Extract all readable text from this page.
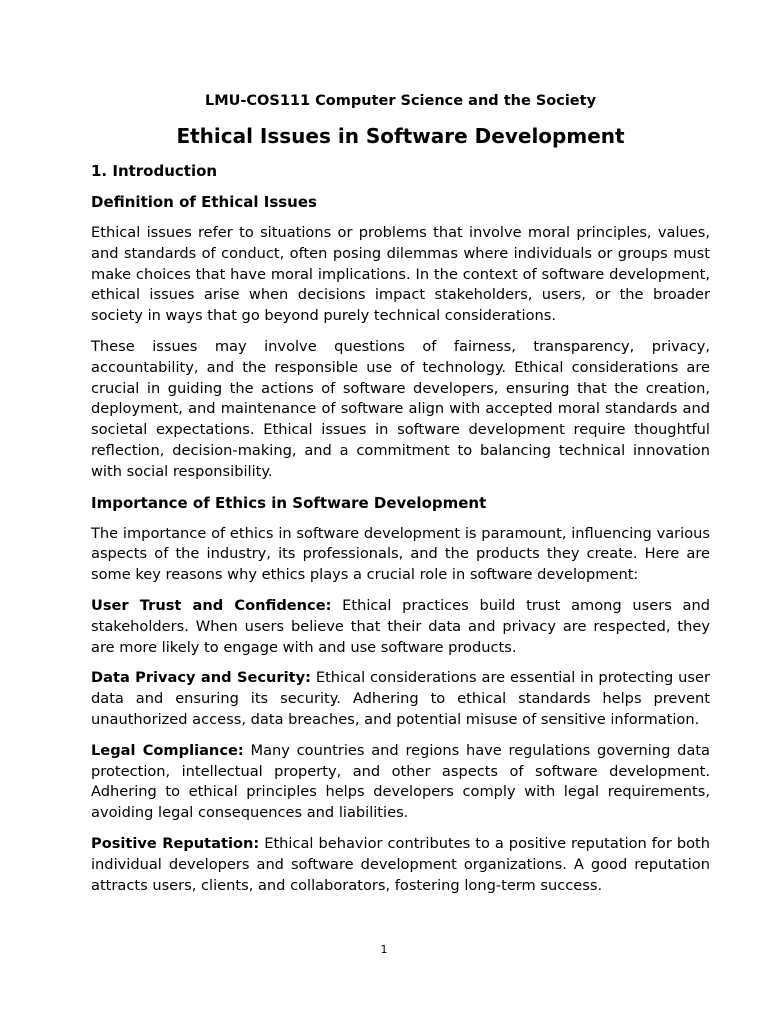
LMU-COS111 Computer Science and the Society
Ethical Issues in Software Development
1. Introduction
Definition of Ethical Issues

Ethical issues refer to situations or problems that involve moral principles, values, and standards of conduct, often posing dilemmas where individuals or groups must make choices that have moral implications. In the context of software development, ethical issues arise when decisions impact stakeholders, users, or the broader society in ways that go beyond purely technical considerations.

These issues may involve questions of fairness, transparency, privacy, accountability, and the responsible use of technology. Ethical considerations are crucial in guiding the actions of software developers, ensuring that the creation, deployment, and maintenance of software align with accepted moral standards and societal expectations. Ethical issues in software development require thoughtful reflection, decision-making, and a commitment to balancing technical innovation with social responsibility.

Importance of Ethics in Software Development

The importance of ethics in software development is paramount, influencing various aspects of the industry, its professionals, and the products they create. Here are some key reasons why ethics plays a crucial role in software development:

User Trust and Confidence: Ethical practices build trust among users and stakeholders. When users believe that their data and privacy are respected, they are more likely to engage with and use software products.

Data Privacy and Security: Ethical considerations are essential in protecting user data and ensuring its security. Adhering to ethical standards helps prevent unauthorized access, data breaches, and potential misuse of sensitive information.

Legal Compliance: Many countries and regions have regulations governing data protection, intellectual property, and other aspects of software development. Adhering to ethical principles helps developers comply with legal requirements, avoiding legal consequences and liabilities.

Positive Reputation: Ethical behavior contributes to a positive reputation for both individual developers and software development organizations. A good reputation attracts users, clients, and collaborators, fostering long-term success.

1
